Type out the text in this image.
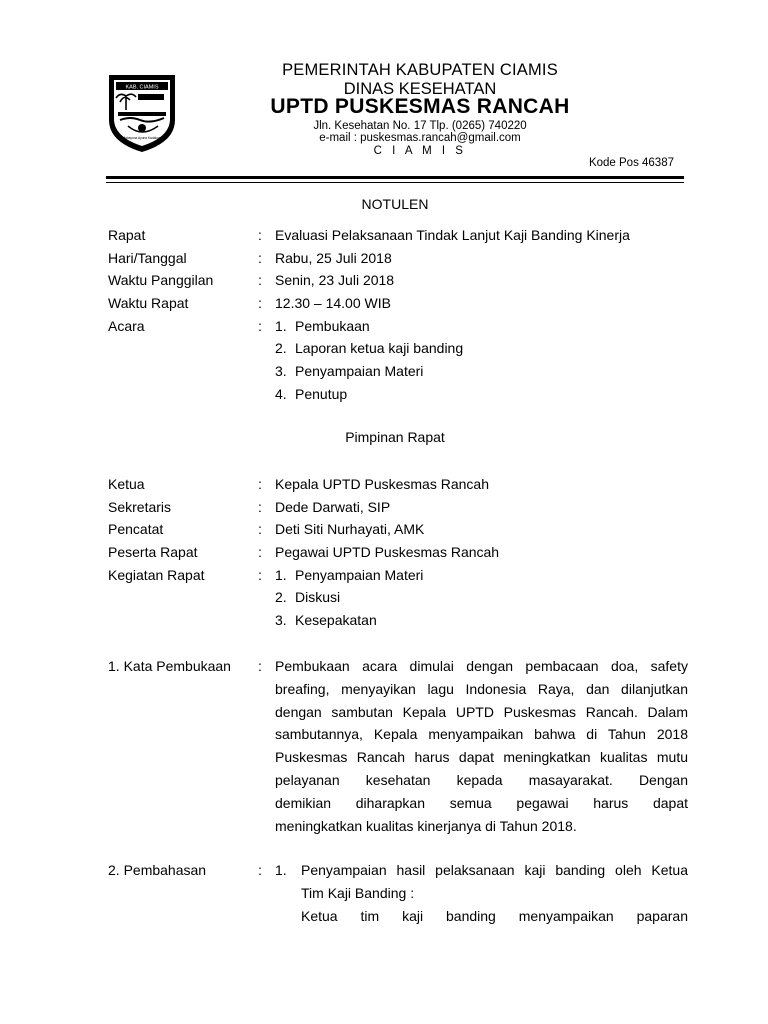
KAB. CIAMIS
Mahayuna Ayuna Kadatuan
PEMERINTAH KABUPATEN CIAMIS
DINAS KESEHATAN
UPTD PUSKESMAS RANCAH
Jln. Kesehatan No. 17 Tlp. (0265) 740220
e-mail : puskesmas.rancah@gmail.com
C I A M I S
Kode Pos 46387
NOTULEN
Rapat	: Evaluasi Pelaksanaan Tindak Lanjut Kaji Banding Kinerja
Hari/Tanggal	: Rabu, 25 Juli 2018
Waktu Panggilan	: Senin, 23 Juli 2018
Waktu Rapat	: 12.30 – 14.00 WIB
Acara	: 1. Pembukaan
2. Laporan ketua kaji banding
3. Penyampaian Materi
4. Penutup
Pimpinan Rapat
Ketua	: Kepala UPTD Puskesmas Rancah
Sekretaris	: Dede Darwati, SIP
Pencatat	: Deti Siti Nurhayati, AMK
Peserta Rapat	: Pegawai UPTD Puskesmas Rancah
Kegiatan Rapat	: 1. Penyampaian Materi
2. Diskusi
3. Kesepakatan
1. Kata Pembukaan : Pembukaan acara dimulai dengan pembacaan doa, safety
breafing, menyayikan lagu Indonesia Raya, dan dilanjutkan
dengan sambutan Kepala UPTD Puskesmas Rancah. Dalam
sambutannya, Kepala menyampaikan bahwa di Tahun 2018
Puskesmas Rancah harus dapat meningkatkan kualitas mutu
pelayanan kesehatan kepada masayarakat. Dengan
demikian diharapkan semua pegawai harus dapat
meningkatkan kualitas kinerjanya di Tahun 2018.
2. Pembahasan	: 1. Penyampaian hasil pelaksanaan kaji banding oleh Ketua
Tim Kaji Banding :
Ketua tim kaji banding menyampaikan paparan
